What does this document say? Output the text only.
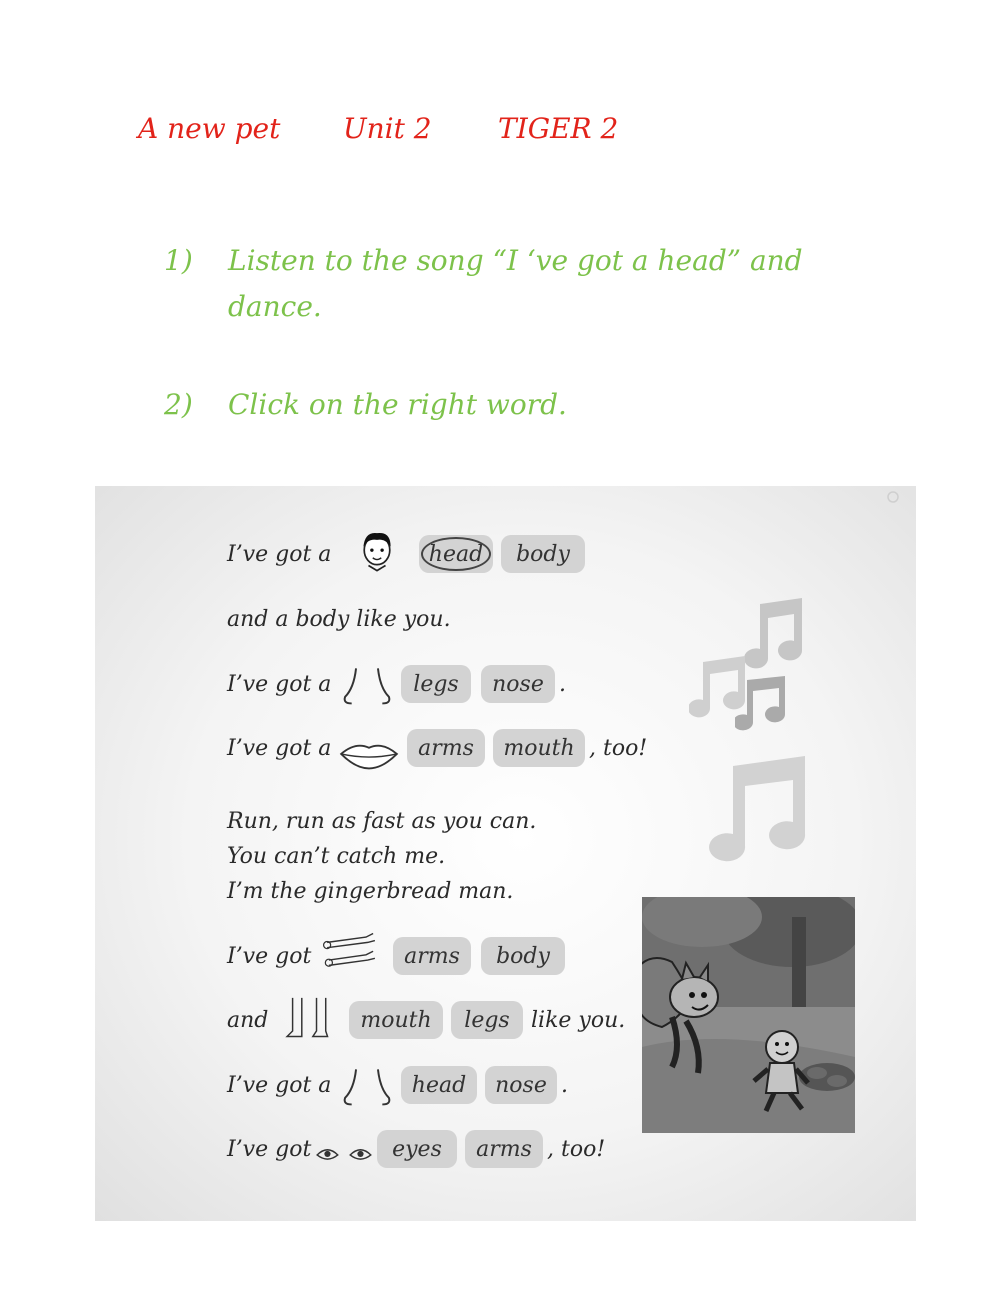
A new pet Unit 2 TIGER 2
1) Listen to the song “I ‘ve got a head” and dance.
2) Click on the right word.
I’ve got a	head	body
and a body like you.
I’ve got a	legs	nose .
I’ve got a	arms	mouth , too!
Run, run as fast as you can.
You can’t catch me.
I’m the gingerbread man.
I’ve got	arms	body
and	mouth	legs like you.
I’ve got a	head	nose .
I’ve got	eyes	arms , too!
